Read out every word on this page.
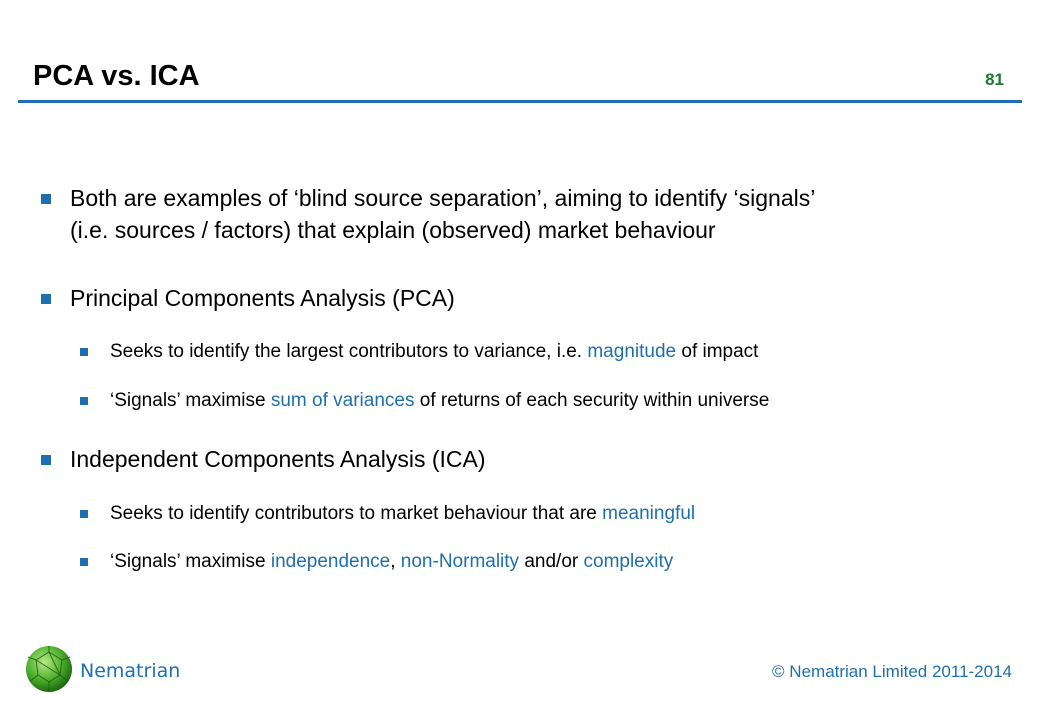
PCA vs. ICA	81
Both are examples of ‘blind source separation’, aiming to identify ‘signals’
(i.e. sources / factors) that explain (observed) market behaviour
Principal Components Analysis (PCA)
Seeks to identify the largest contributors to variance, i.e. magnitude of impact
‘Signals’ maximise sum of variances of returns of each security within universe
Independent Components Analysis (ICA)
Seeks to identify contributors to market behaviour that are meaningful
‘Signals’ maximise independence, non-Normality and/or complexity
Nematrian	© Nematrian Limited 2011-2014
